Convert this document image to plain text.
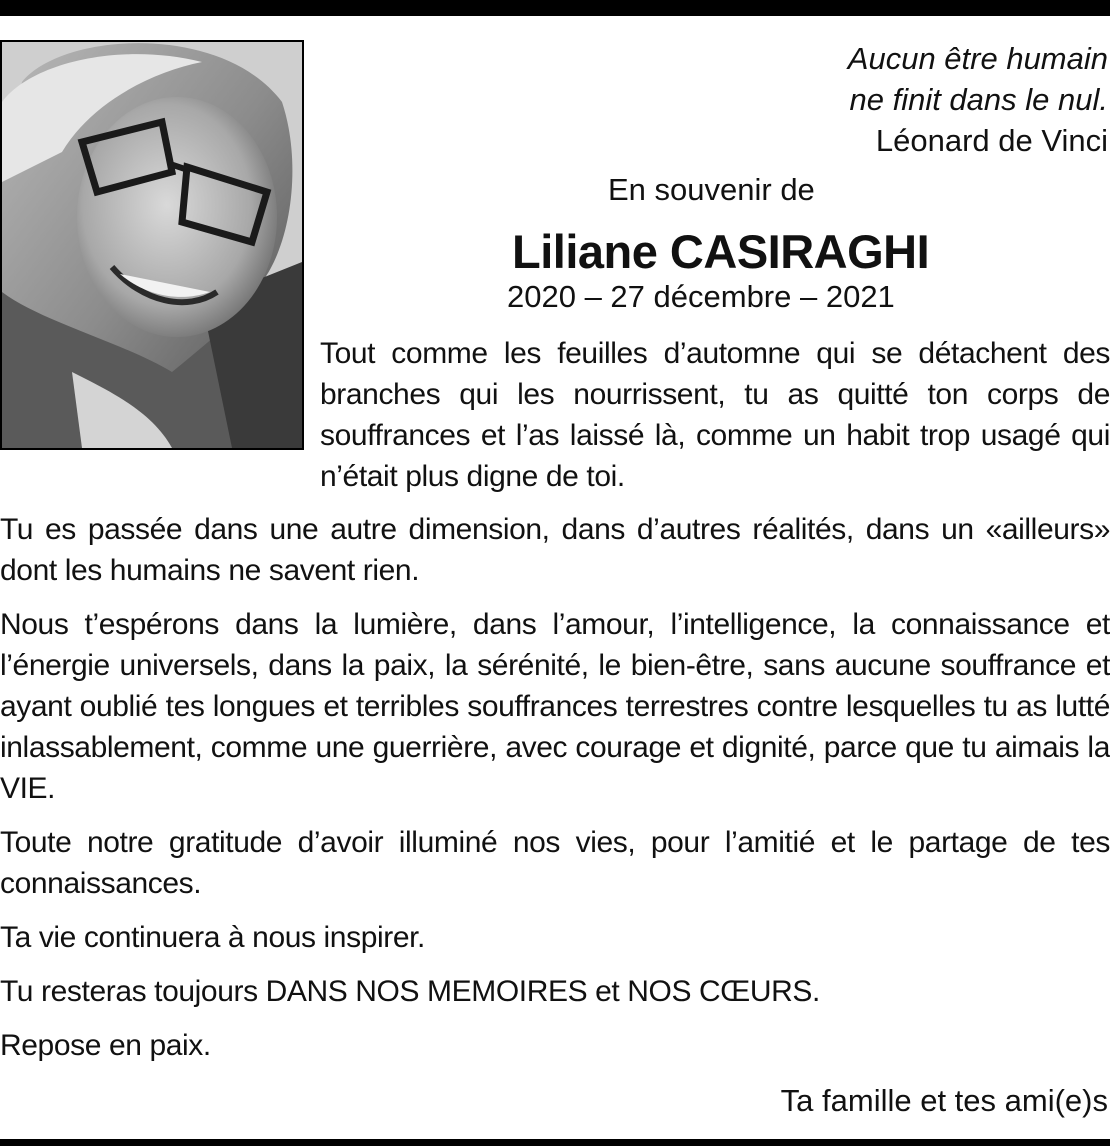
Aucun être humain
ne finit dans le nul.
Léonard de Vinci
En souvenir de
Liliane CASIRAGHI
2020 – 27 décembre – 2021
Tout comme les feuilles d’automne qui se détachent des branches qui les nourrissent, tu as quitté ton corps de souffrances et l’as laissé là, comme un habit trop usagé qui n’était plus digne de toi.

Tu es passée dans une autre dimension, dans d’autres réalités, dans un «ailleurs» dont les humains ne savent rien.

Nous t’espérons dans la lumière, dans l’amour, l’intelligence, la connaissance et l’énergie universels, dans la paix, la sérénité, le bien-être, sans aucune souffrance et ayant oublié tes longues et terribles souffrances terrestres contre lesquelles tu as lutté inlassablement, comme une guerrière, avec courage et dignité, parce que tu aimais la VIE.

Toute notre gratitude d’avoir illuminé nos vies, pour l’amitié et le partage de tes connaissances.

Ta vie continuera à nous inspirer.

Tu resteras toujours DANS NOS MEMOIRES et NOS CŒURS.

Repose en paix.

Ta famille et tes ami(e)s
